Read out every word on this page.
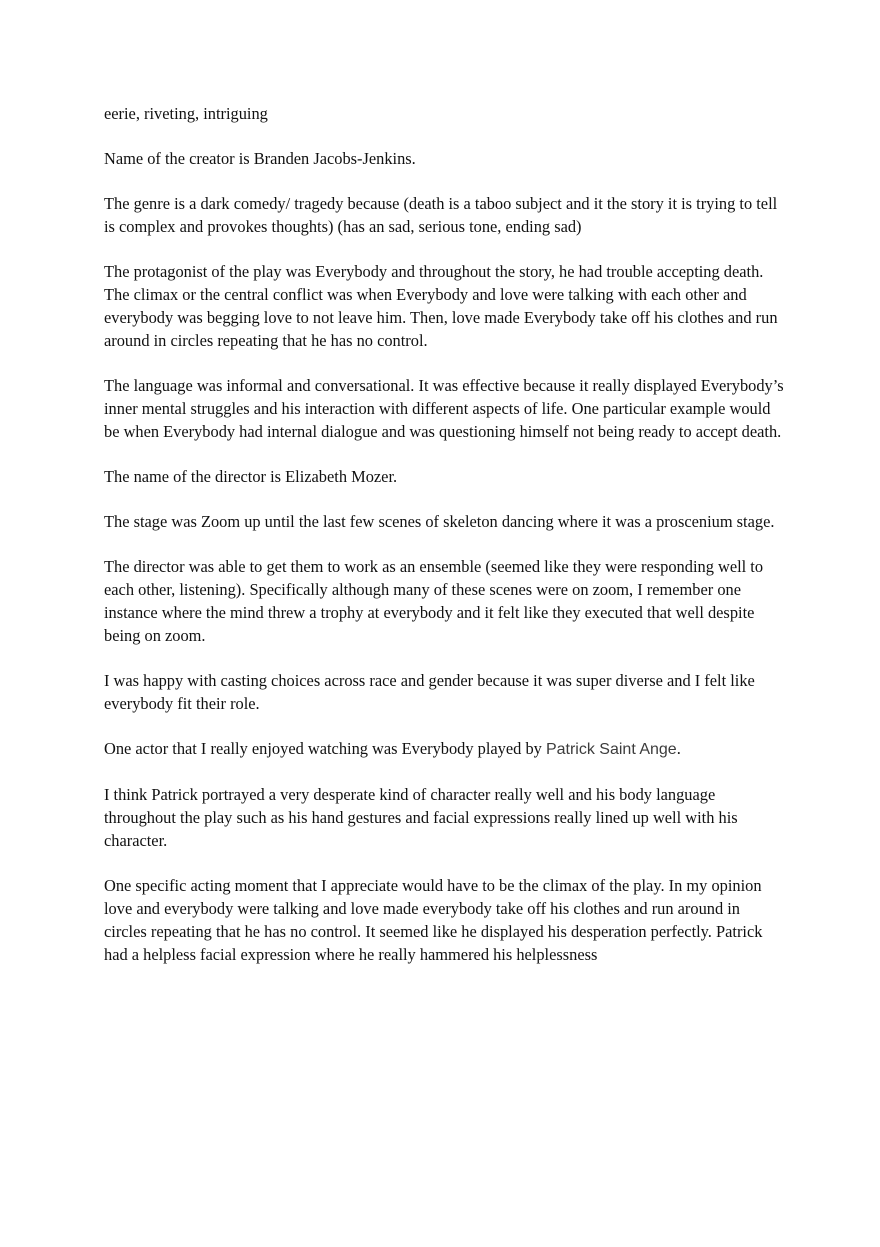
eerie, riveting, intriguing

Name of the creator is Branden Jacobs-Jenkins.

The genre is a dark comedy/ tragedy because (death is a taboo subject and it the story it is trying to tell is complex and provokes thoughts) (has an sad, serious tone, ending sad)

The protagonist of the play was Everybody and throughout the story, he had trouble accepting death. The climax or the central conflict was when Everybody and love were talking with each other and everybody was begging love to not leave him. Then, love made Everybody take off his clothes and run around in circles repeating that he has no control.

The language was informal and conversational. It was effective because it really displayed Everybody’s inner mental struggles and his interaction with different aspects of life. One particular example would be when Everybody had internal dialogue and was questioning himself not being ready to accept death.

The name of the director is Elizabeth Mozer.

The stage was Zoom up until the last few scenes of skeleton dancing where it was a proscenium stage.

The director was able to get them to work as an ensemble (seemed like they were responding well to each other, listening). Specifically although many of these scenes were on zoom, I remember one instance where the mind threw a trophy at everybody and it felt like they executed that well despite being on zoom.

I was happy with casting choices across race and gender because it was super diverse and I felt like everybody fit their role.

One actor that I really enjoyed watching was Everybody played by Patrick Saint Ange.

I think Patrick portrayed a very desperate kind of character really well and his body language throughout the play such as his hand gestures and facial expressions really lined up well with his character.

One specific acting moment that I appreciate would have to be the climax of the play. In my opinion love and everybody were talking and love made everybody take off his clothes and run around in circles repeating that he has no control. It seemed like he displayed his desperation perfectly. Patrick had a helpless facial expression where he really hammered his helplessness
